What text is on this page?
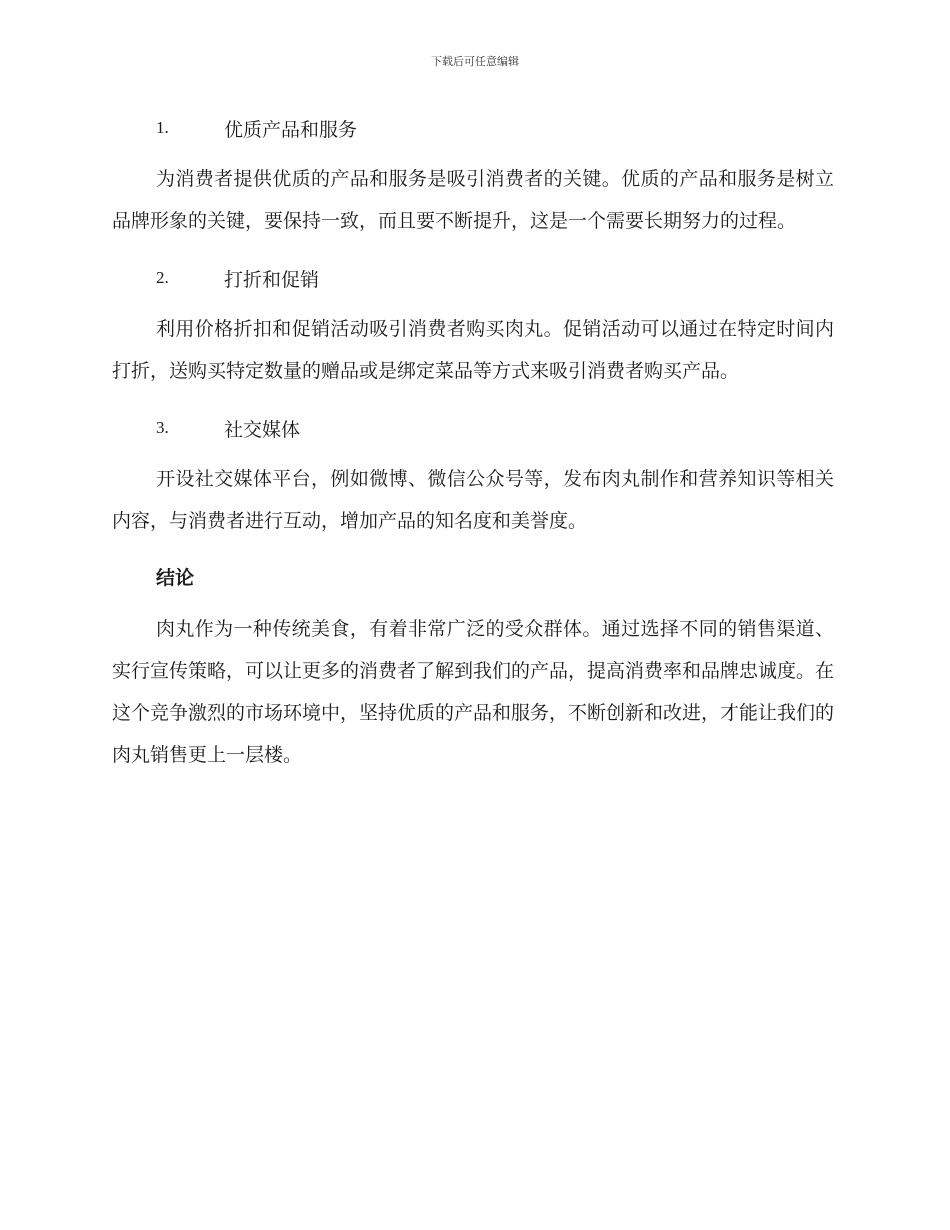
下载后可任意编辑
1.	优质产品和服务

为消费者提供优质的产品和服务是吸引消费者的关键。优质的产品和服务是树立品牌形象的关键，要保持一致，而且要不断提升，这是一个需要长期努力的过程。

2.	打折和促销

利用价格折扣和促销活动吸引消费者购买肉丸。促销活动可以通过在特定时间内打折，送购买特定数量的赠品或是绑定菜品等方式来吸引消费者购买产品。

3.	社交媒体

开设社交媒体平台，例如微博、微信公众号等，发布肉丸制作和营养知识等相关内容，与消费者进行互动，增加产品的知名度和美誉度。

结论

肉丸作为一种传统美食，有着非常广泛的受众群体。通过选择不同的销售渠道、实行宣传策略，可以让更多的消费者了解到我们的产品，提高消费率和品牌忠诚度。在这个竞争激烈的市场环境中，坚持优质的产品和服务，不断创新和改进，才能让我们的肉丸销售更上一层楼。
